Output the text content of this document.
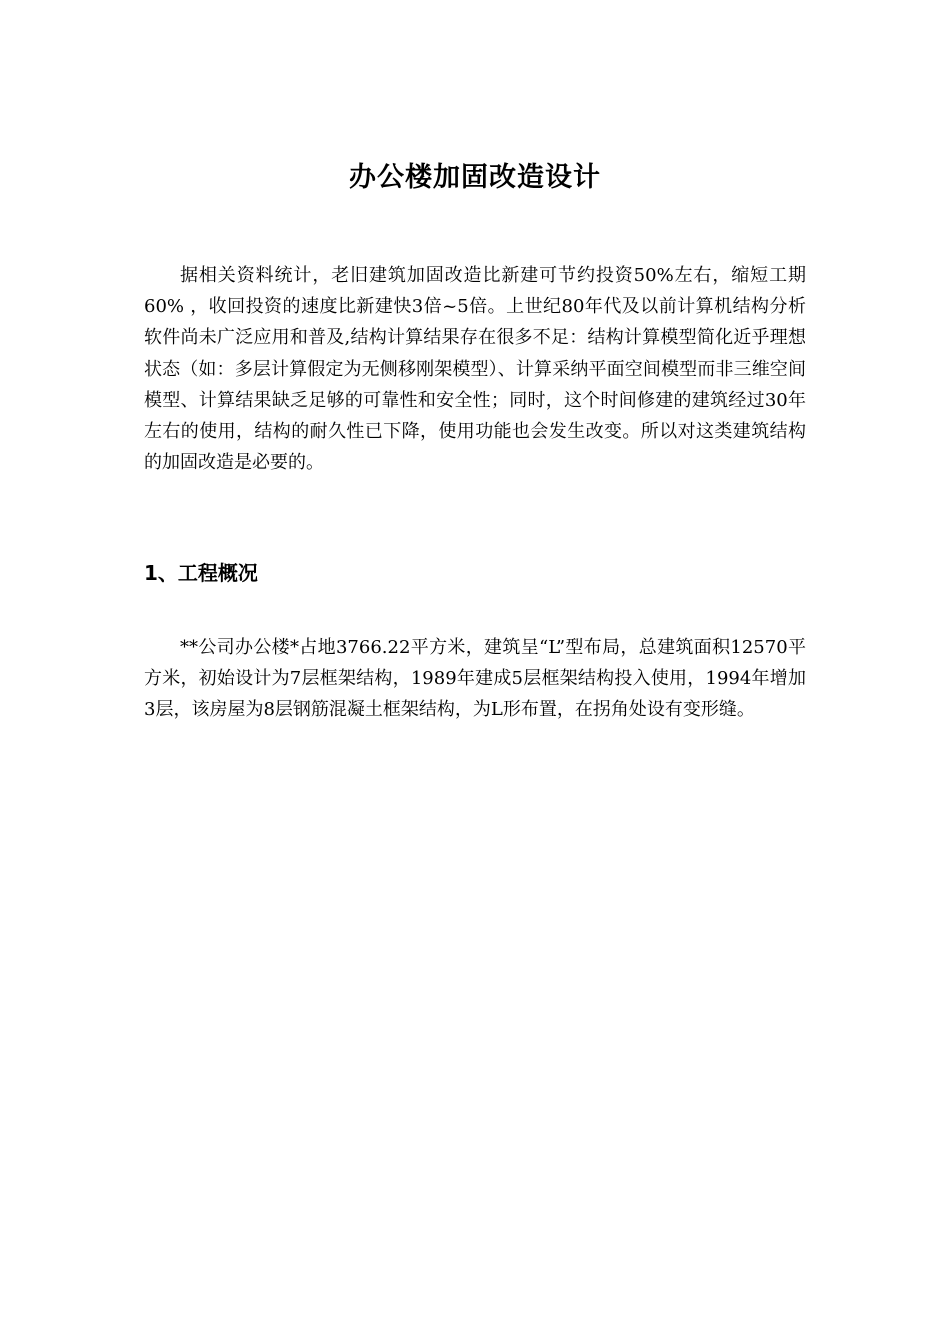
办公楼加固改造设计

据相关资料统计，老旧建筑加固改造比新建可节约投资50%左右，缩短工期60% ，收回投资的速度比新建快3倍~5倍。上世纪80年代及以前计算机结构分析软件尚未广泛应用和普及,结构计算结果存在很多不足：结构计算模型简化近乎理想状态（如：多层计算假定为无侧移刚架模型）、计算采纳平面空间模型而非三维空间模型、计算结果缺乏足够的可靠性和安全性；同时，这个时间修建的建筑经过30年左右的使用，结构的耐久性已下降，使用功能也会发生改变。所以对这类建筑结构的加固改造是必要的。

1、工程概况

**公司办公楼*占地3766.22平方米，建筑呈“L”型布局，总建筑面积12570平方米，初始设计为7层框架结构，1989年建成5层框架结构投入使用，1994年增加3层，该房屋为8层钢筋混凝土框架结构，为L形布置，在拐角处设有变形缝。
